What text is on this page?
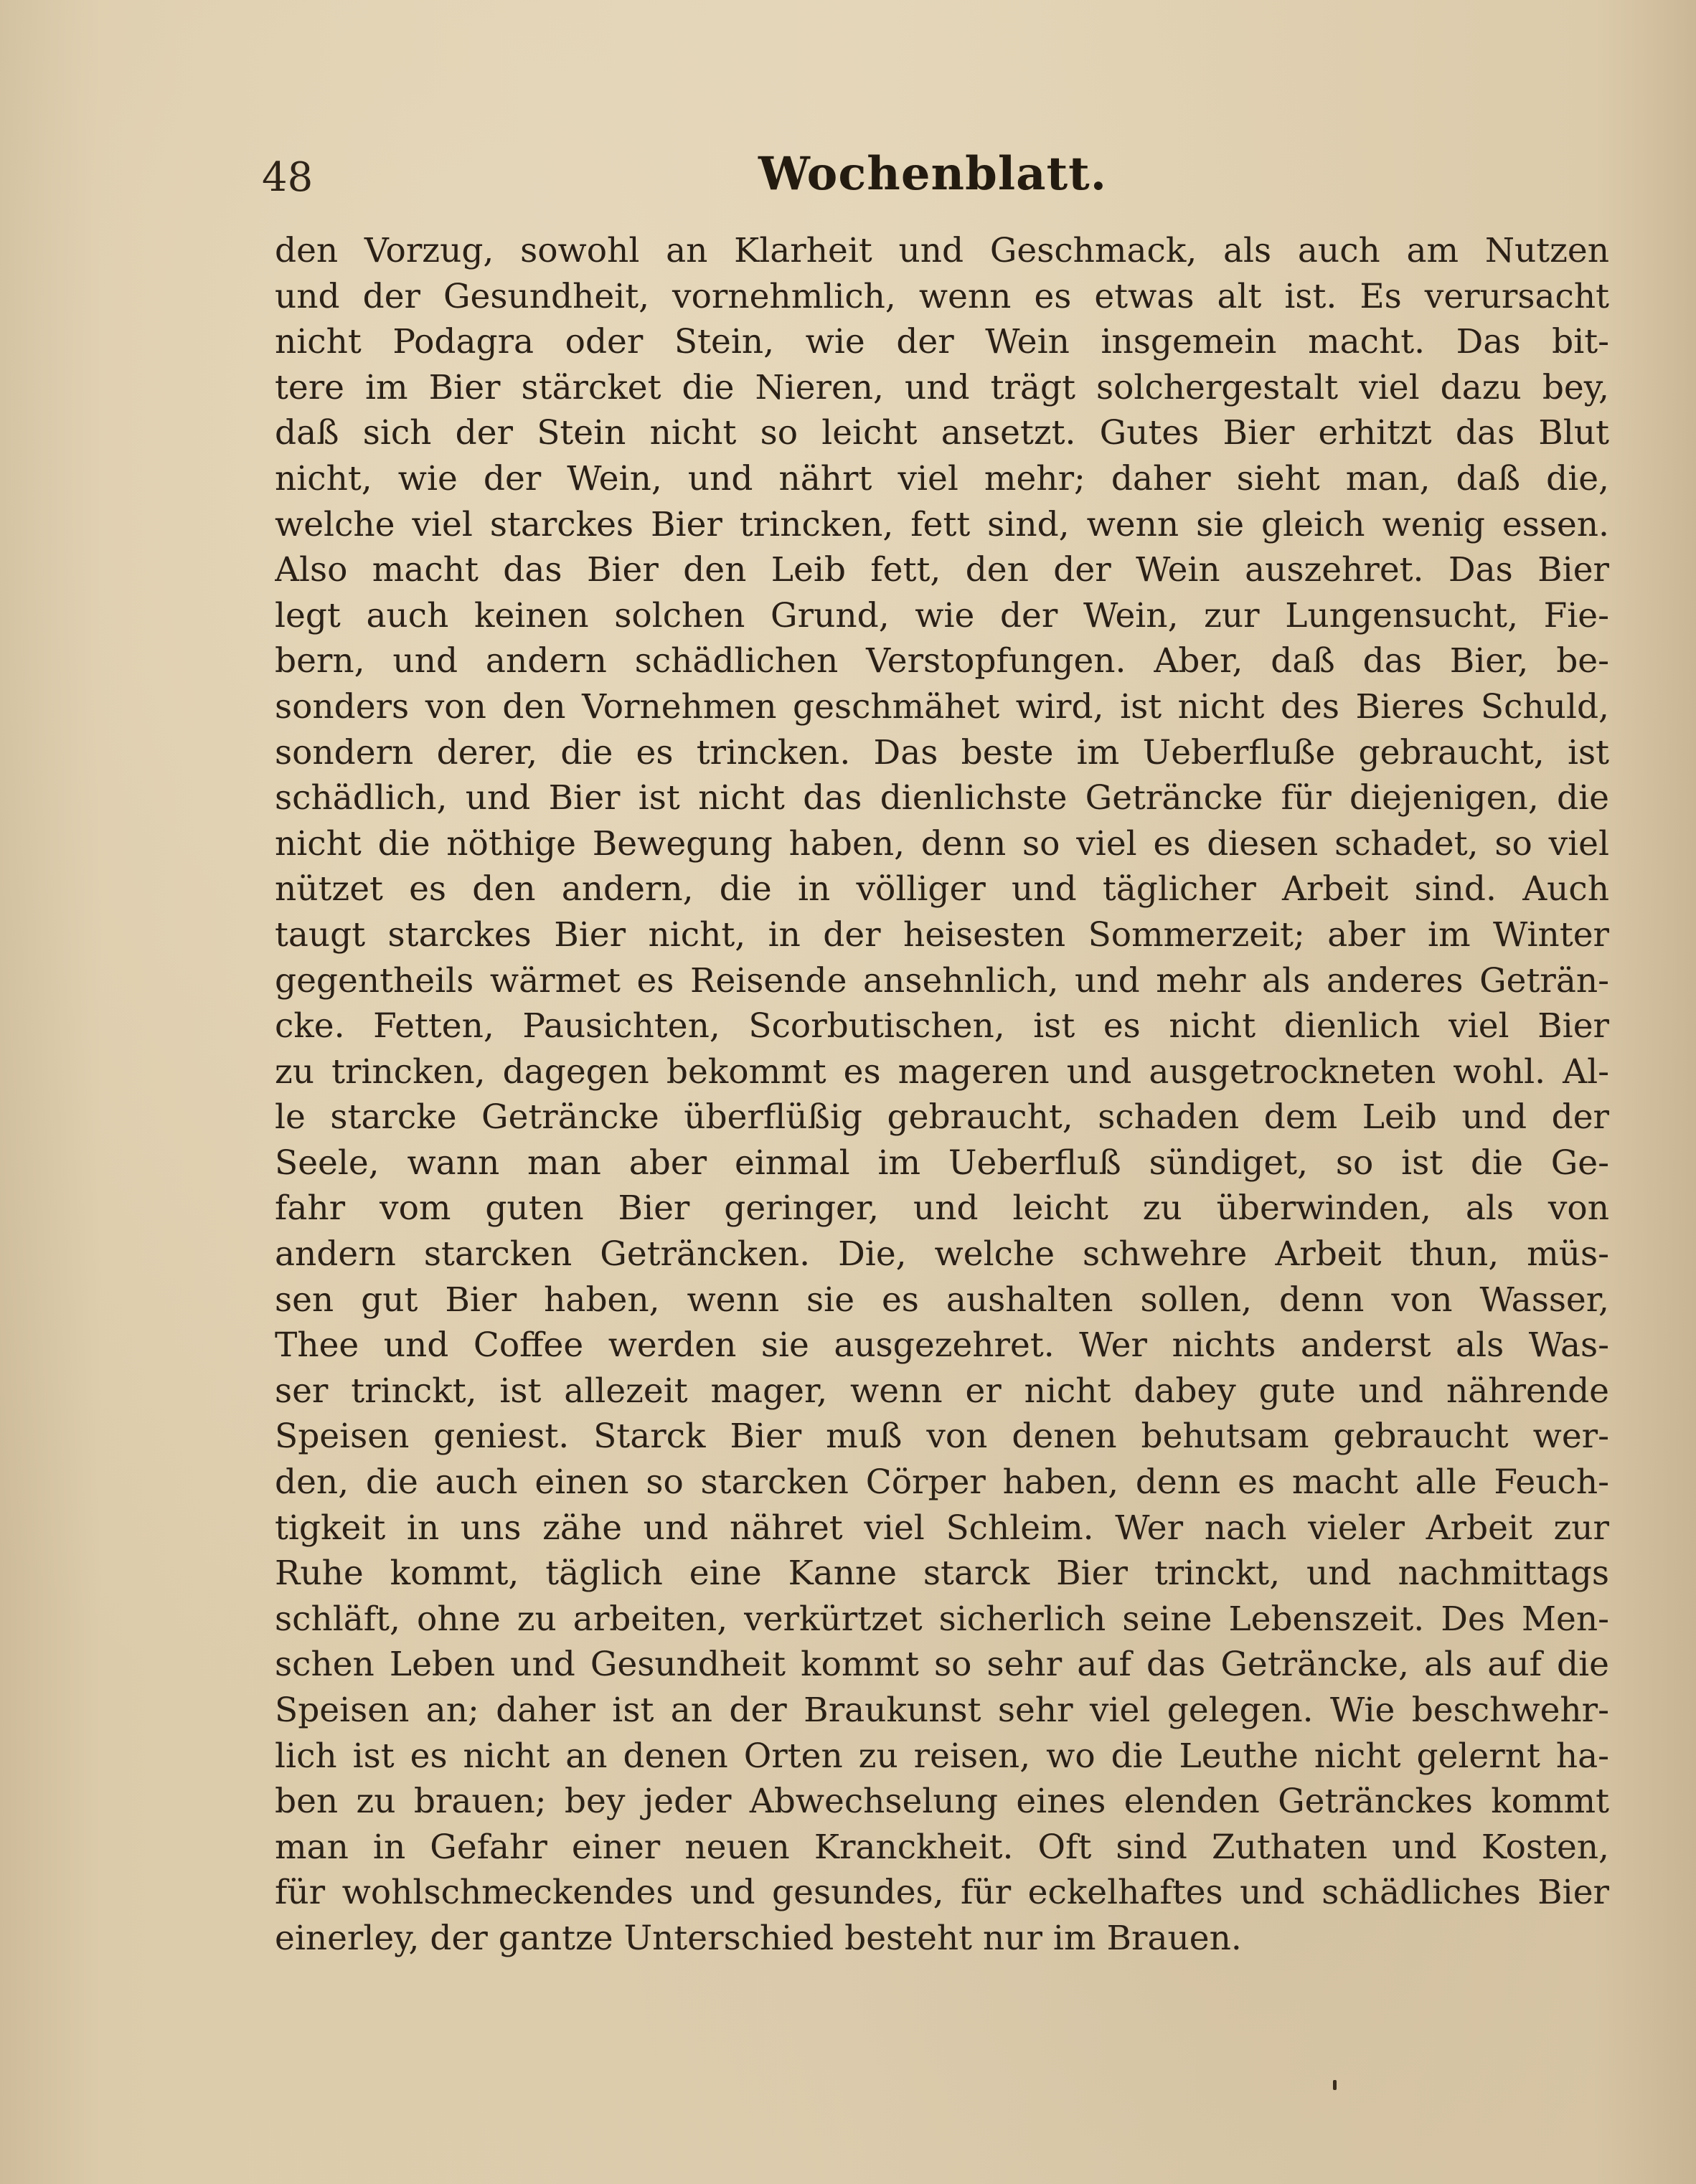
48	Wochenblatt.
den Vorzug, sowohl an Klarheit und Geschmack, als auch am Nutzen
und der Gesundheit, vornehmlich, wenn es etwas alt ist. Es verursacht
nicht Podagra oder Stein, wie der Wein insgemein macht. Das bit-
tere im Bier stärcket die Nieren, und trägt solchergestalt viel dazu bey,
daß sich der Stein nicht so leicht ansetzt. Gutes Bier erhitzt das Blut
nicht, wie der Wein, und nährt viel mehr; daher sieht man, daß die,
welche viel starckes Bier trincken, fett sind, wenn sie gleich wenig essen.
Also macht das Bier den Leib fett, den der Wein auszehret. Das Bier
legt auch keinen solchen Grund, wie der Wein, zur Lungensucht, Fie-
bern, und andern schädlichen Verstopfungen. Aber, daß das Bier, be-
sonders von den Vornehmen geschmähet wird, ist nicht des Bieres Schuld,
sondern derer, die es trincken. Das beste im Ueberfluße gebraucht, ist
schädlich, und Bier ist nicht das dienlichste Geträncke für diejenigen, die
nicht die nöthige Bewegung haben, denn so viel es diesen schadet, so viel
nützet es den andern, die in völliger und täglicher Arbeit sind. Auch
taugt starckes Bier nicht, in der heisesten Sommerzeit; aber im Winter
gegentheils wärmet es Reisende ansehnlich, und mehr als anderes Geträn-
cke. Fetten, Pausichten, Scorbutischen, ist es nicht dienlich viel Bier
zu trincken, dagegen bekommt es mageren und ausgetrockneten wohl. Al-
le starcke Geträncke überflüßig gebraucht, schaden dem Leib und der
Seele, wann man aber einmal im Ueberfluß sündiget, so ist die Ge-
fahr vom guten Bier geringer, und leicht zu überwinden, als von
andern starcken Geträncken. Die, welche schwehre Arbeit thun, müs-
sen gut Bier haben, wenn sie es aushalten sollen, denn von Wasser,
Thee und Coffee werden sie ausgezehret. Wer nichts anderst als Was-
ser trinckt, ist allezeit mager, wenn er nicht dabey gute und nährende
Speisen geniest. Starck Bier muß von denen behutsam gebraucht wer-
den, die auch einen so starcken Cörper haben, denn es macht alle Feuch-
tigkeit in uns zähe und nähret viel Schleim. Wer nach vieler Arbeit zur
Ruhe kommt, täglich eine Kanne starck Bier trinckt, und nachmittags
schläft, ohne zu arbeiten, verkürtzet sicherlich seine Lebenszeit. Des Men-
schen Leben und Gesundheit kommt so sehr auf das Geträncke, als auf die
Speisen an; daher ist an der Braukunst sehr viel gelegen. Wie beschwehr-
lich ist es nicht an denen Orten zu reisen, wo die Leuthe nicht gelernt ha-
ben zu brauen; bey jeder Abwechselung eines elenden Getränckes kommt
man in Gefahr einer neuen Kranckheit. Oft sind Zuthaten und Kosten,
für wohlschmeckendes und gesundes, für eckelhaftes und schädliches Bier
einerley, der gantze Unterschied besteht nur im Brauen.
